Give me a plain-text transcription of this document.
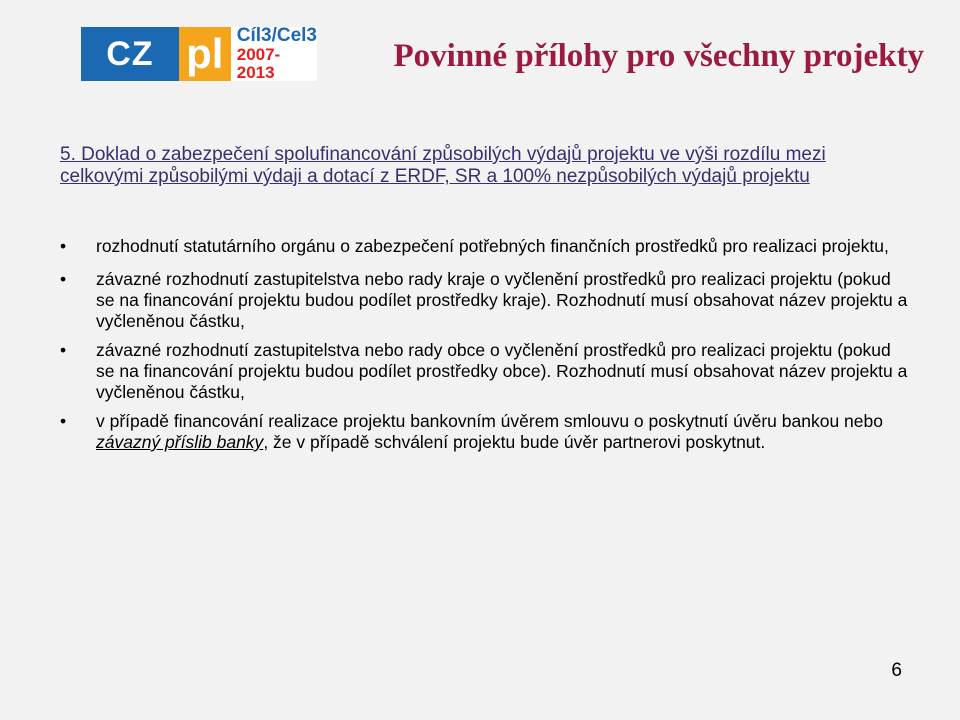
CZ pl Cíl3/Cel3
2007-2013	Povinné přílohy pro všechny projekty

5. Doklad o zabezpečení spolufinancování způsobilých výdajů projektu ve výši rozdílu mezi celkovými způsobilými výdaji a dotací z ERDF, SR a 100% nezpůsobilých výdajů projektu

• rozhodnutí statutárního orgánu o zabezpečení potřebných finančních prostředků pro realizaci projektu,
• závazné rozhodnutí zastupitelstva nebo rady kraje o vyčlenění prostředků pro realizaci projektu (pokud se na financování projektu budou podílet prostředky kraje). Rozhodnutí musí obsahovat název projektu a vyčleněnou částku,
• závazné rozhodnutí zastupitelstva nebo rady obce o vyčlenění prostředků pro realizaci projektu (pokud se na financování projektu budou podílet prostředky obce). Rozhodnutí musí obsahovat název projektu a vyčleněnou částku,
• v případě financování realizace projektu bankovním úvěrem smlouvu o poskytnutí úvěru bankou nebo závazný příslib banky, že v případě schválení projektu bude úvěr partnerovi poskytnut.
6
